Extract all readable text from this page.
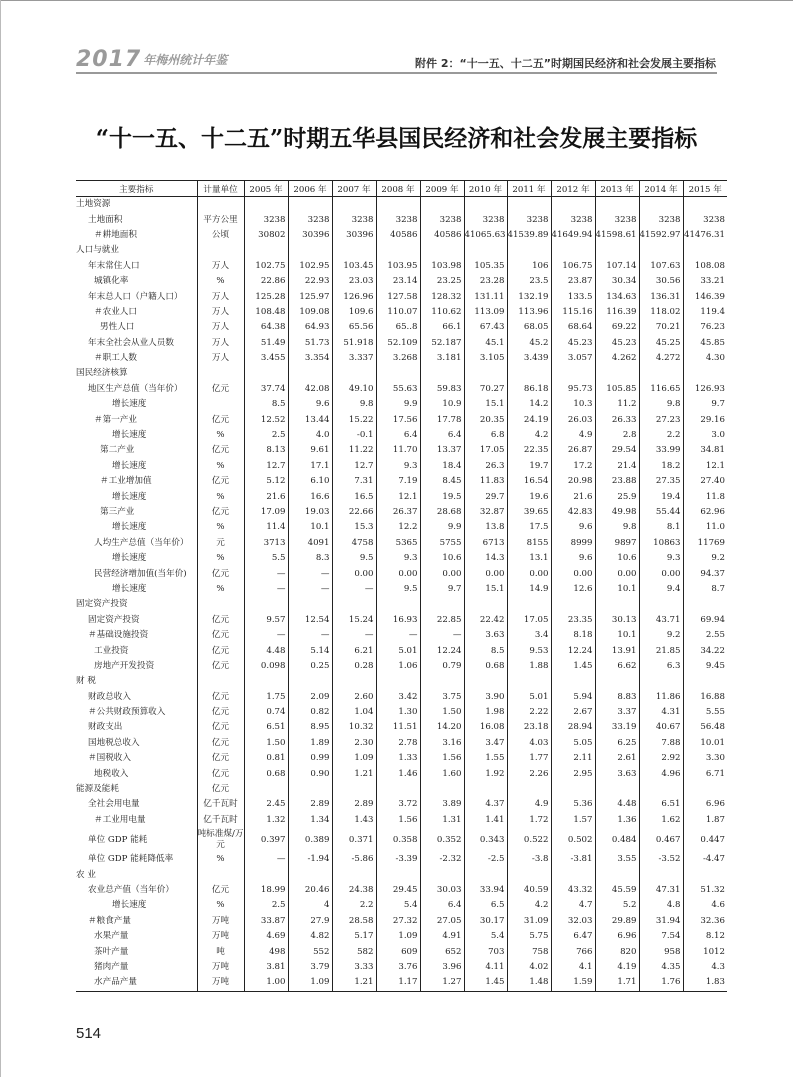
2017 年梅州统计年鉴	附件 2：“十一五、十二五”时期国民经济和社会发展主要指标
“十一五、十二五”时期五华县国民经济和社会发展主要指标
主要指标	计量单位	2005 年	2006 年	2007 年	2008 年	2009 年	2010 年	2011 年	2012 年	2013 年	2014 年	2015 年
土地资源												
土地面积	平方公里	3238	3238	3238	3238	3238	3238	3238	3238	3238	3238	3238
＃耕地面积	公顷	30802	30396	30396	40586	40586	41065.63	41539.89	41649.94	41598.61	41592.97	41476.31
人口与就业												
年末常住人口	万人	102.75	102.95	103.45	103.95	103.98	105.35	106	106.75	107.14	107.63	108.08
城镇化率	%	22.86	22.93	23.03	23.14	23.25	23.28	23.5	23.87	30.34	30.56	33.21
年末总人口（户籍人口）	万人	125.28	125.97	126.96	127.58	128.32	131.11	132.19	133.5	134.63	136.31	146.39
＃农业人口	万人	108.48	109.08	109.6	110.07	110.62	113.09	113.96	115.16	116.39	118.02	119.4
男性人口	万人	64.38	64.93	65.56	65..8	66.1	67.43	68.05	68.64	69.22	70.21	76.23
年末全社会从业人员数	万人	51.49	51.73	51.918	52.109	52.187	45.1	45.2	45.23	45.23	45.25	45.85
＃职工人数	万人	3.455	3.354	3.337	3.268	3.181	3.105	3.439	3.057	4.262	4.272	4.30
国民经济核算												
地区生产总值（当年价）	亿元	37.74	42.08	49.10	55.63	59.83	70.27	86.18	95.73	105.85	116.65	126.93
增长速度		8.5	9.6	9.8	9.9	10.9	15.1	14.2	10.3	11.2	9.8	9.7
＃第一产业	亿元	12.52	13.44	15.22	17.56	17.78	20.35	24.19	26.03	26.33	27.23	29.16
增长速度	%	2.5	4.0	-0.1	6.4	6.4	6.8	4.2	4.9	2.8	2.2	3.0
第二产业	亿元	8.13	9.61	11.22	11.70	13.37	17.05	22.35	26.87	29.54	33.99	34.81
增长速度	%	12.7	17.1	12.7	9.3	18.4	26.3	19.7	17.2	21.4	18.2	12.1
＃工业增加值	亿元	5.12	6.10	7.31	7.19	8.45	11.83	16.54	20.98	23.88	27.35	27.40
增长速度	%	21.6	16.6	16.5	12.1	19.5	29.7	19.6	21.6	25.9	19.4	11.8
第三产业	亿元	17.09	19.03	22.66	26.37	28.68	32.87	39.65	42.83	49.98	55.44	62.96
增长速度	%	11.4	10.1	15.3	12.2	9.9	13.8	17.5	9.6	9.8	8.1	11.0
人均生产总值（当年价）	元	3713	4091	4758	5365	5755	6713	8155	8999	9897	10863	11769
增长速度	%	5.5	8.3	9.5	9.3	10.6	14.3	13.1	9.6	10.6	9.3	9.2
民营经济增加值(当年价)	亿元	—	—	0.00	0.00	0.00	0.00	0.00	0.00	0.00	0.00	94.37
增长速度	%	—	—	—	9.5	9.7	15.1	14.9	12.6	10.1	9.4	8.7
固定资产投资												
固定资产投资	亿元	9.57	12.54	15.24	16.93	22.85	22.42	17.05	23.35	30.13	43.71	69.94
＃基础设施投资	亿元	—	—	—	—	—	3.63	3.4	8.18	10.1	9.2	2.55
工业投资	亿元	4.48	5.14	6.21	5.01	12.24	8.5	9.53	12.24	13.91	21.85	34.22
房地产开发投资	亿元	0.098	0.25	0.28	1.06	0.79	0.68	1.88	1.45	6.62	6.3	9.45
财 税												
财政总收入	亿元	1.75	2.09	2.60	3.42	3.75	3.90	5.01	5.94	8.83	11.86	16.88
＃公共财政预算收入	亿元	0.74	0.82	1.04	1.30	1.50	1.98	2.22	2.67	3.37	4.31	5.55
财政支出	亿元	6.51	8.95	10.32	11.51	14.20	16.08	23.18	28.94	33.19	40.67	56.48
国地税总收入	亿元	1.50	1.89	2.30	2.78	3.16	3.47	4.03	5.05	6.25	7.88	10.01
＃国税收入	亿元	0.81	0.99	1.09	1.33	1.56	1.55	1.77	2.11	2.61	2.92	3.30
地税收入	亿元	0.68	0.90	1.21	1.46	1.60	1.92	2.26	2.95	3.63	4.96	6.71
能源及能耗	亿元											
全社会用电量	亿千瓦时	2.45	2.89	2.89	3.72	3.89	4.37	4.9	5.36	4.48	6.51	6.96
＃工业用电量	亿千瓦时	1.32	1.34	1.43	1.56	1.31	1.41	1.72	1.57	1.36	1.62	1.87
单位 GDP 能耗	吨标准煤/万元	0.397	0.389	0.371	0.358	0.352	0.343	0.522	0.502	0.484	0.467	0.447
单位 GDP 能耗降低率	%	—	-1.94	-5.86	-3.39	-2.32	-2.5	-3.8	-3.81	3.55	-3.52	-4.47
农 业												
农业总产值（当年价）	亿元	18.99	20.46	24.38	29.45	30.03	33.94	40.59	43.32	45.59	47.31	51.32
增长速度	%	2.5	4	2.2	5.4	6.4	6.5	4.2	4.7	5.2	4.8	4.6
＃粮食产量	万吨	33.87	27.9	28.58	27.32	27.05	30.17	31.09	32.03	29.89	31.94	32.36
水果产量	万吨	4.69	4.82	5.17	1.09	4.91	5.4	5.75	6.47	6.96	7.54	8.12
茶叶产量	吨	498	552	582	609	652	703	758	766	820	958	1012
猪肉产量	万吨	3.81	3.79	3.33	3.76	3.96	4.11	4.02	4.1	4.19	4.35	4.3
水产品产量	万吨	1.00	1.09	1.21	1.17	1.27	1.45	1.48	1.59	1.71	1.76	1.83
514
